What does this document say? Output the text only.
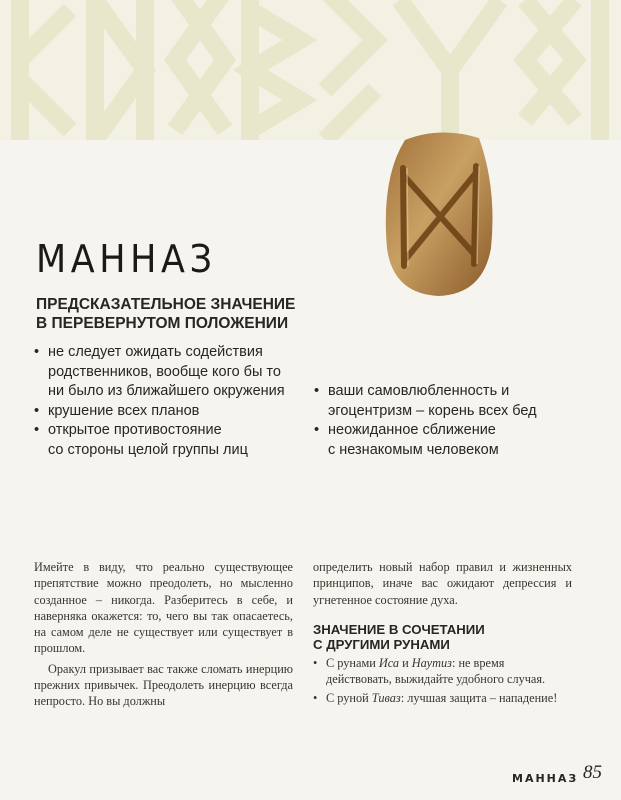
МАННАЗ
ПРЕДСКАЗАТЕЛЬНОЕ ЗНАЧЕНИЕ
В ПЕРЕВЕРНУТОМ ПОЛОЖЕНИИ
• не следует ожидать содействия
родственников, вообще кого бы то
ни было из ближайшего окружения
• крушение всех планов
• открытое противостояние
со стороны целой группы лиц
• ваши самовлюбленность и
эгоцентризм – корень всех бед
• неожиданное сближение
с незнакомым человеком

Имейте в виду, что реально существующее препятствие можно преодолеть, но мысленно созданное – никогда. Разберитесь в себе, и наверняка окажется: то, чего вы так опасаетесь, на самом деле не существует или существует в прошлом.

Оракул призывает вас также сломать инерцию прежних привычек. Преодолеть инерцию всегда непросто. Но вы должны

определить новый набор правил и жизненных принципов, иначе вас ожидают депрессия и угнетенное состояние духа.

ЗНАЧЕНИЕ В СОЧЕТАНИИ
С ДРУГИМИ РУНАМИ
• С рунами Иса и Наутиз: не время действовать, выжидайте удобного случая.
• С руной Тиваз: лучшая защита – нападение!
МАННАЗ 85
